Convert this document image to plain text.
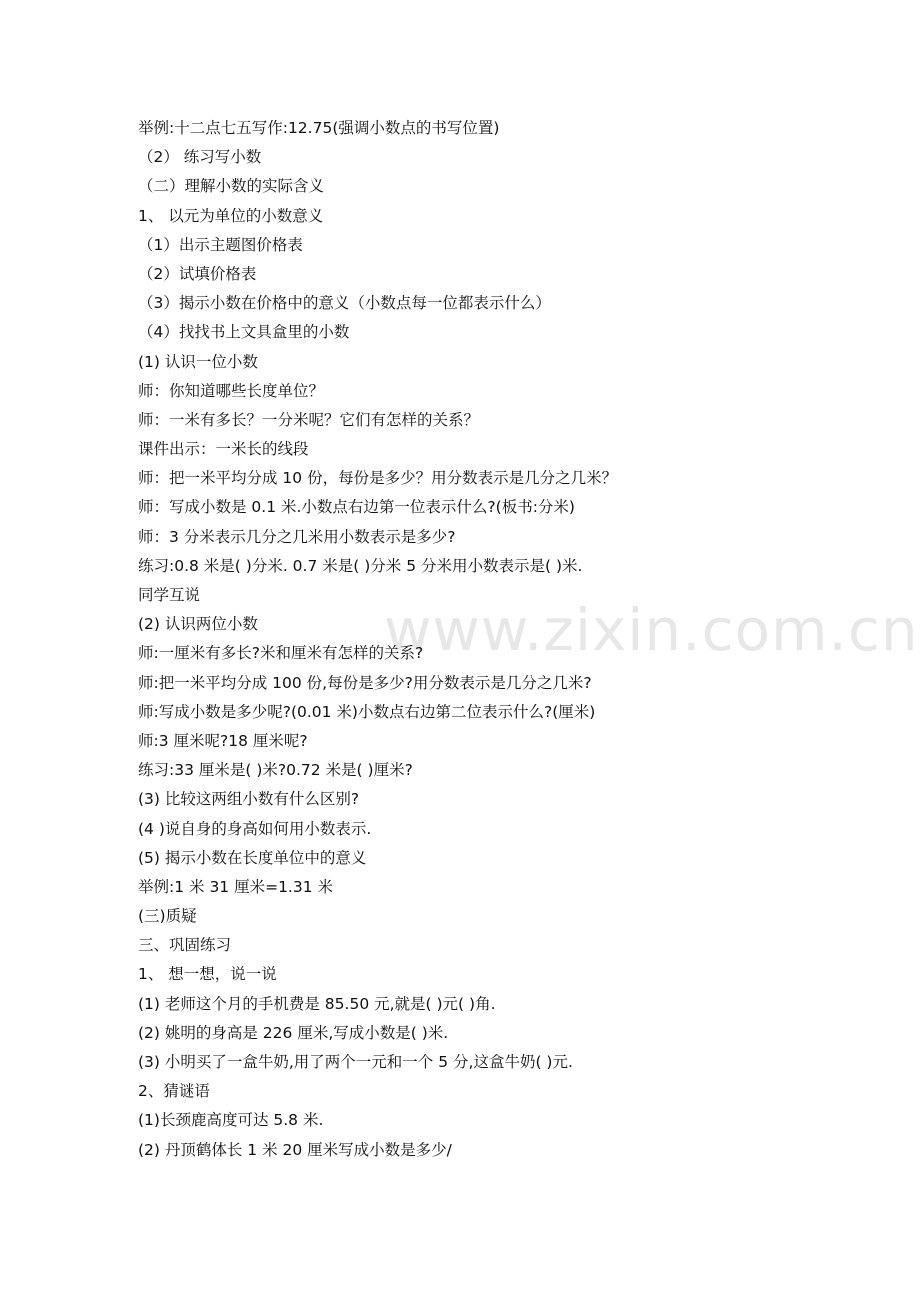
www.zixin.com.cn
举例:十二点七五写作:12.75(强调小数点的书写位置)
（2） 练习写小数
（二）理解小数的实际含义
1、 以元为单位的小数意义
（1）出示主题图价格表
（2）试填价格表
（3）揭示小数在价格中的意义（小数点每一位都表示什么）
（4）找找书上文具盒里的小数
(1) 认识一位小数
师：你知道哪些长度单位？
师：一米有多长？一分米呢？它们有怎样的关系？
课件出示：一米长的线段
师：把一米平均分成 10 份，每份是多少？用分数表示是几分之几米？
师：写成小数是 0.1 米.小数点右边第一位表示什么?(板书:分米)
师：3 分米表示几分之几米用小数表示是多少?
练习:0.8 米是( )分米. 0.7 米是( )分米 5 分米用小数表示是( )米.
同学互说
(2) 认识两位小数
师:一厘米有多长?米和厘米有怎样的关系?
师:把一米平均分成 100 份,每份是多少?用分数表示是几分之几米?
师:写成小数是多少呢?(0.01 米)小数点右边第二位表示什么?(厘米)
师:3 厘米呢?18 厘米呢?
练习:33 厘米是( )米?0.72 米是( )厘米?
(3) 比较这两组小数有什么区别?
(4 )说自身的身高如何用小数表示.
(5) 揭示小数在长度单位中的意义
举例:1 米 31 厘米=1.31 米
(三)质疑
三、巩固练习
1、 想一想，说一说
(1) 老师这个月的手机费是 85.50 元,就是( )元( )角.
(2) 姚明的身高是 226 厘米,写成小数是( )米.
(3) 小明买了一盒牛奶,用了两个一元和一个 5 分,这盒牛奶( )元.
2、猜谜语
(1)长颈鹿高度可达 5.8 米.
(2) 丹顶鹤体长 1 米 20 厘米写成小数是多少/
